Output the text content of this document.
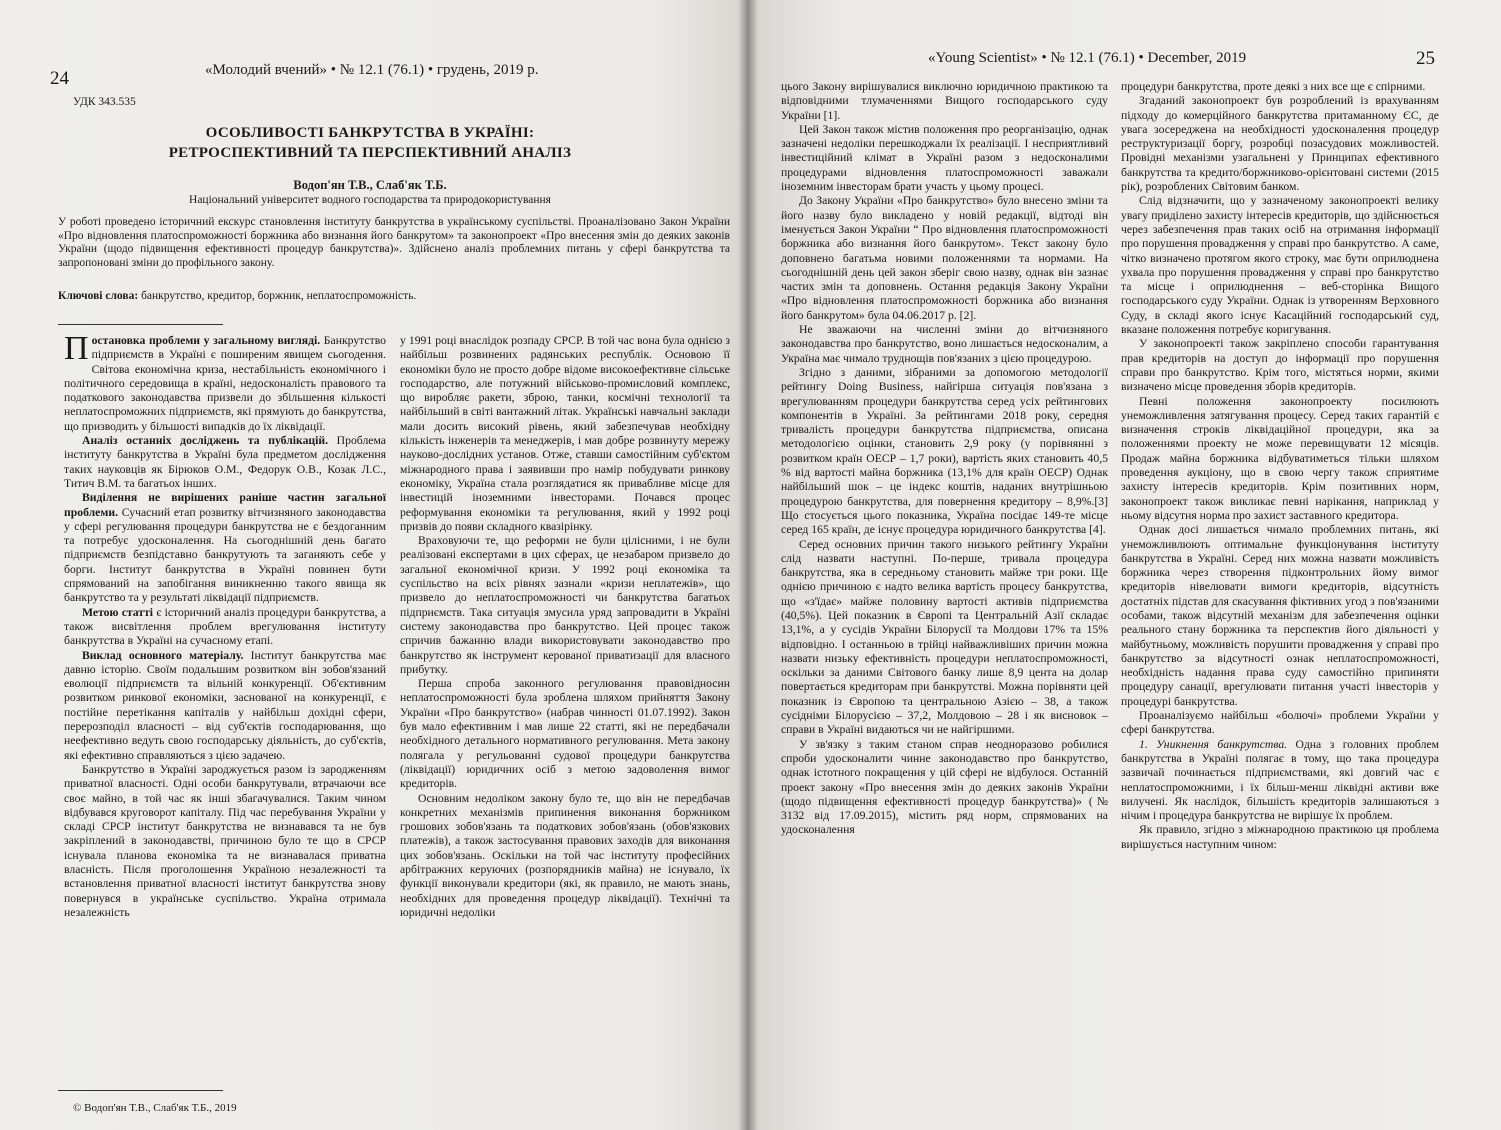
24	«Молодий вчений» • № 12.1 (76.1) • грудень, 2019 р.
УДК 343.535
ОСОБЛИВОСТІ БАНКРУТСТВА В УКРАЇНІ:
РЕТРОСПЕКТИВНИЙ ТА ПЕРСПЕКТИВНИЙ АНАЛІЗ
Водоп'ян Т.В., Слаб'як Т.Б.
Національний університет водного господарства та природокористування
У роботі проведено історичний екскурс становлення інституту банкрутства в українському суспільстві. Проаналізовано Закон України «Про відновлення платоспроможності боржника або визнання його банкрутом» та законопроект «Про внесення змін до деяких законів України (щодо підвищення ефективності процедур банкрутства)». Здійснено аналіз проблемних питань у сфері банкрутства та запропоновані зміни до профільного закону.
Ключові слова: банкрутство, кредитор, боржник, неплатоспроможність.

Постановка проблеми у загальному вигляді. Банкрутство підприємств в Україні є поширеним явищем сьогодення. Світова економічна криза, нестабільність економічного і політичного середовища в країні, недосконалість правового та податкового законодавства призвели до збільшення кількості неплатоспроможних підприємств, які прямують до банкрутства, що призводить у більшості випадків до їх ліквідації.

Аналіз останніх досліджень та публікацій. Проблема інституту банкрутства в Україні була предметом дослідження таких науковців як Бірюков О.М., Федорук О.В., Козак Л.С., Титич В.М. та багатьох інших.

Виділення не вирішених раніше частин загальної проблеми. Сучасний етап розвитку вітчизняного законодавства у сфері регулювання процедури банкрутства не є бездоганним та потребує удосконалення. На сьогоднішній день багато підприємств безпідставно банкрутують та заганяють себе у борги. Інститут банкрутства в Україні повинен бути спрямований на запобігання виникненню такого явища як банкрутство та у результаті ліквідації підприємств.

Метою статті є історичний аналіз процедури банкрутства, а також висвітлення проблем врегулювання інституту банкрутства в Україні на сучасному етапі.

Виклад основного матеріалу. Інститут банкрутства має давню історію. Своїм подальшим розвитком він зобов'язаний еволюції підприємств та вільній конкуренції. Об'єктивним розвитком ринкової економіки, заснованої на конкуренції, є постійне перетікання капіталів у найбільш дохідні сфери, перерозподіл власності – від суб'єктів господарювання, що неефективно ведуть свою господарську діяльність, до суб'єктів, які ефективно справляються з цією задачею.

Банкрутство в Україні зароджується разом із зародженням приватної власності. Одні особи банкрутували, втрачаючи все своє майно, в той час як інші збагачувалися. Таким чином відбувався круговорот капіталу. Під час перебування України у складі СРСР інститут банкрутства не визнавався та не був закріплений в законодавстві, причиною було те що в СРСР існувала планова економіка та не визнавалася приватна власність. Після проголошення Україною незалежності та встановлення приватної власності інститут банкрутства знову повернувся в українське суспільство. Україна отримала незалежність

у 1991 році внаслідок розпаду СРСР. В той час вона була однією з найбільш розвинених радянських республік. Основою її економіки було не просто добре відоме високоефективне сільське господарство, але потужний військово-промисловий комплекс, що виробляє ракети, зброю, танки, космічні технології та найбільший в світі вантажний літак. Українські навчальні заклади мали досить високий рівень, який забезпечував необхідну кількість інженерів та менеджерів, і мав добре розвинуту мережу науково-дослідних установ. Отже, ставши самостійним суб'єктом міжнародного права і заявивши про намір побудувати ринкову економіку, Україна стала розглядатися як привабливе місце для інвестицій іноземними інвесторами. Почався процес реформування економіки та регулювання, який у 1992 році призвів до появи складного квазірінку.

Враховуючи те, що реформи не були цілісними, і не були реалізовані експертами в цих сферах, це незабаром призвело до загальної економічної кризи. У 1992 році економіка та суспільство на всіх рівнях зазнали «кризи неплатежів», що призвело до неплатоспроможності чи банкрутства багатьох підприємств. Така ситуація змусила уряд запровадити в Україні систему законодавства про банкрутство. Цей процес також спричив бажанню влади використовувати законодавство про банкрутство як інструмент керованої приватизації для власного прибутку.

Перша спроба законного регулювання правовідносин неплатоспроможності була зроблена шляхом прийняття Закону України «Про банкрутство» (набрав чинності 01.07.1992). Закон був мало ефективним і мав лише 22 статті, які не передбачали необхідного детального нормативного регулювання. Мета закону полягала у регульованні судової процедури банкрутства (ліквідації) юридичних осіб з метою задоволення вимог кредиторів.

Основним недоліком закону було те, що він не передбачав конкретних механізмів припинення виконання боржником грошових зобов'язань та податкових зобов'язань (обов'язкових платежів), а також застосування правових заходів для виконання цих зобов'язань. Оскільки на той час інституту професійних арбітражних керуючих (розпорядників майна) не існувало, їх функції виконували кредитори (які, як правило, не мають знань, необхідних для проведення процедур ліквідації). Технічні та юридичні недоліки

© Водоп'ян Т.В., Слаб'як Т.Б., 2019
«Young Scientist» • № 12.1 (76.1) • December, 2019	25

цього Закону вирішувалися виключно юридичною практикою та відповідними тлумаченнями Вищого господарського суду України [1].

Цей Закон також містив положення про реорганізацію, однак зазначені недоліки перешкоджали їх реалізації. І несприятливий інвестиційний клімат в Україні разом з недосконалими процедурами відновлення платоспроможності заважали іноземним інвесторам брати участь у цьому процесі.

До Закону України «Про банкрутство» було внесено зміни та його назву було викладено у новій редакції, відтоді він іменується Закон України “ Про відновлення платоспроможності боржника або визнання його банкрутом». Текст закону було доповнено багатьма новими положеннями та нормами. На сьогоднішній день цей закон зберіг свою назву, однак він зазнає частих змін та доповнень. Остання редакція Закону України «Про відновлення платоспроможності боржника або визнання його банкрутом» була 04.06.2017 р. [2].

Не зважаючи на численні зміни до вітчизняного законодавства про банкрутство, воно лишається недосконалим, а Україна має чимало труднощів пов'язаних з цією процедурою.

Згідно з даними, зібраними за допомогою методології рейтингу Doing Business, найгірша ситуація пов'язана з врегулюванням процедури банкрутства серед усіх рейтингових компонентів в Україні. За рейтингами 2018 року, середня тривалість процедури банкрутства підприємства, описана методологією оцінки, становить 2,9 року (у порівнянні з розвитком країн ОЕСР – 1,7 роки), вартість яких становить 40,5 % від вартості майна боржника (13,1% для країн ОЕСР) Однак найбільший шок – це індекс коштів, наданих внутрішньою процедурою банкрутства, для повернення кредитору – 8,9%.[3] Що стосується цього показника, Україна посідає 149-те місце серед 165 країн, де існує процедура юридичного банкрутства [4].

Серед основних причин такого низького рейтингу України слід назвати наступні. По-перше, тривала процедура банкрутства, яка в середньому становить майже три роки. Ще однією причиною є надто велика вартість процесу банкрутства, що «з'їдає» майже половину вартості активів підприємства (40,5%). Цей показник в Європі та Центральній Азії складає 13,1%, а у сусідів України Білорусії та Молдови 17% та 15% відповідно. І останньою в трійці найважливіших причин можна назвати низьку ефективність процедури неплатоспроможності, оскільки за даними Світового банку лише 8,9 цента на долар повертається кредиторам при банкрутстві. Можна порівняти цей показник із Європою та центральною Азією – 38, а також сусідніми Білорусією – 37,2, Молдовою – 28 і як висновок – справи в Україні видаються чи не найгіршими.

У зв'язку з таким станом справ неодноразово робилися спроби удосконалити чинне законодавство про банкрутство, однак істотного покращення у цій сфері не відбулося. Останній проект закону «Про внесення змін до деяких законів України (щодо підвищення ефективності процедур банкрутства)» (№ 3132 від 17.09.2015), містить ряд норм, спрямованих на удосконалення

процедури банкрутства, проте деякі з них все ще є спірними.

Згаданий законопроект був розроблений із врахуванням підходу до комерційного банкрутства притаманному ЄС, де увага зосереджена на необхідності удосконалення процедур реструктуризації боргу, розробці позасудових можливостей. Провідні механізми узагальнені у Принципах ефективного банкрутства та кредито/боржниково-орієнтовані системи (2015 рік), розроблених Світовим банком.

Слід відзначити, що у зазначеному законопроекті велику увагу приділено захисту інтересів кредиторів, що здійснюється через забезпечення прав таких осіб на отримання інформації про порушення провадження у справі про банкрутство. А саме, чітко визначено протягом якого строку, має бути оприлюднена ухвала про порушення провадження у справі про банкрутство та місце і оприлюднення – веб-сторінка Вищого господарського суду України. Однак із утворенням Верховного Суду, в складі якого існує Касаційний господарський суд, вказане положення потребує коригування.

У законопроекті також закріплено способи гарантування прав кредиторів на доступ до інформації про порушення справи про банкрутство. Крім того, містяться норми, якими визначено місце проведення зборів кредиторів.

Певні положення законопроекту посилюють унеможливлення затягування процесу. Серед таких гарантій є визначення строків ліквідаційної процедури, яка за положеннями проекту не може перевищувати 12 місяців. Продаж майна боржника відбуватиметься тільки шляхом проведення аукціону, що в свою чергу також сприятиме захисту інтересів кредиторів. Крім позитивних норм, законопроект також викликає певні нарікання, наприклад у ньому відсутня норма про захист заставного кредитора.

Однак досі лишається чимало проблемних питань, які унеможливлюють оптимальне функціонування інституту банкрутства в Україні. Серед них можна назвати можливість боржника через створення підконтрольних йому вимог кредиторів нівелювати вимоги кредиторів, відсутність достатніх підстав для скасування фіктивних угод з пов'язаними особами, також відсутній механізм для забезпечення оцінки реального стану боржника та перспектив його діяльності у майбутньому, можливість порушити провадження у справі про банкрутство за відсутності ознак неплатоспроможності, необхідність надання права суду самостійно припиняти процедуру санації, врегулювати питання участі інвесторів у процедурі банкрутства.

Проаналізуємо найбільш «болючі» проблеми України у сфері банкрутства.

1. Уникнення банкрутства. Одна з головних проблем банкрутства в Україні полягає в тому, що така процедура зазвичай починається підприємствами, які довгий час є неплатоспроможними, і їх більш-менш ліквідні активи вже вилучені. Як наслідок, більшість кредиторів залишаються з нічим і процедура банкрутства не вирішує їх проблем.

Як правило, згідно з міжнародною практикою ця проблема вирішується наступним чином:
